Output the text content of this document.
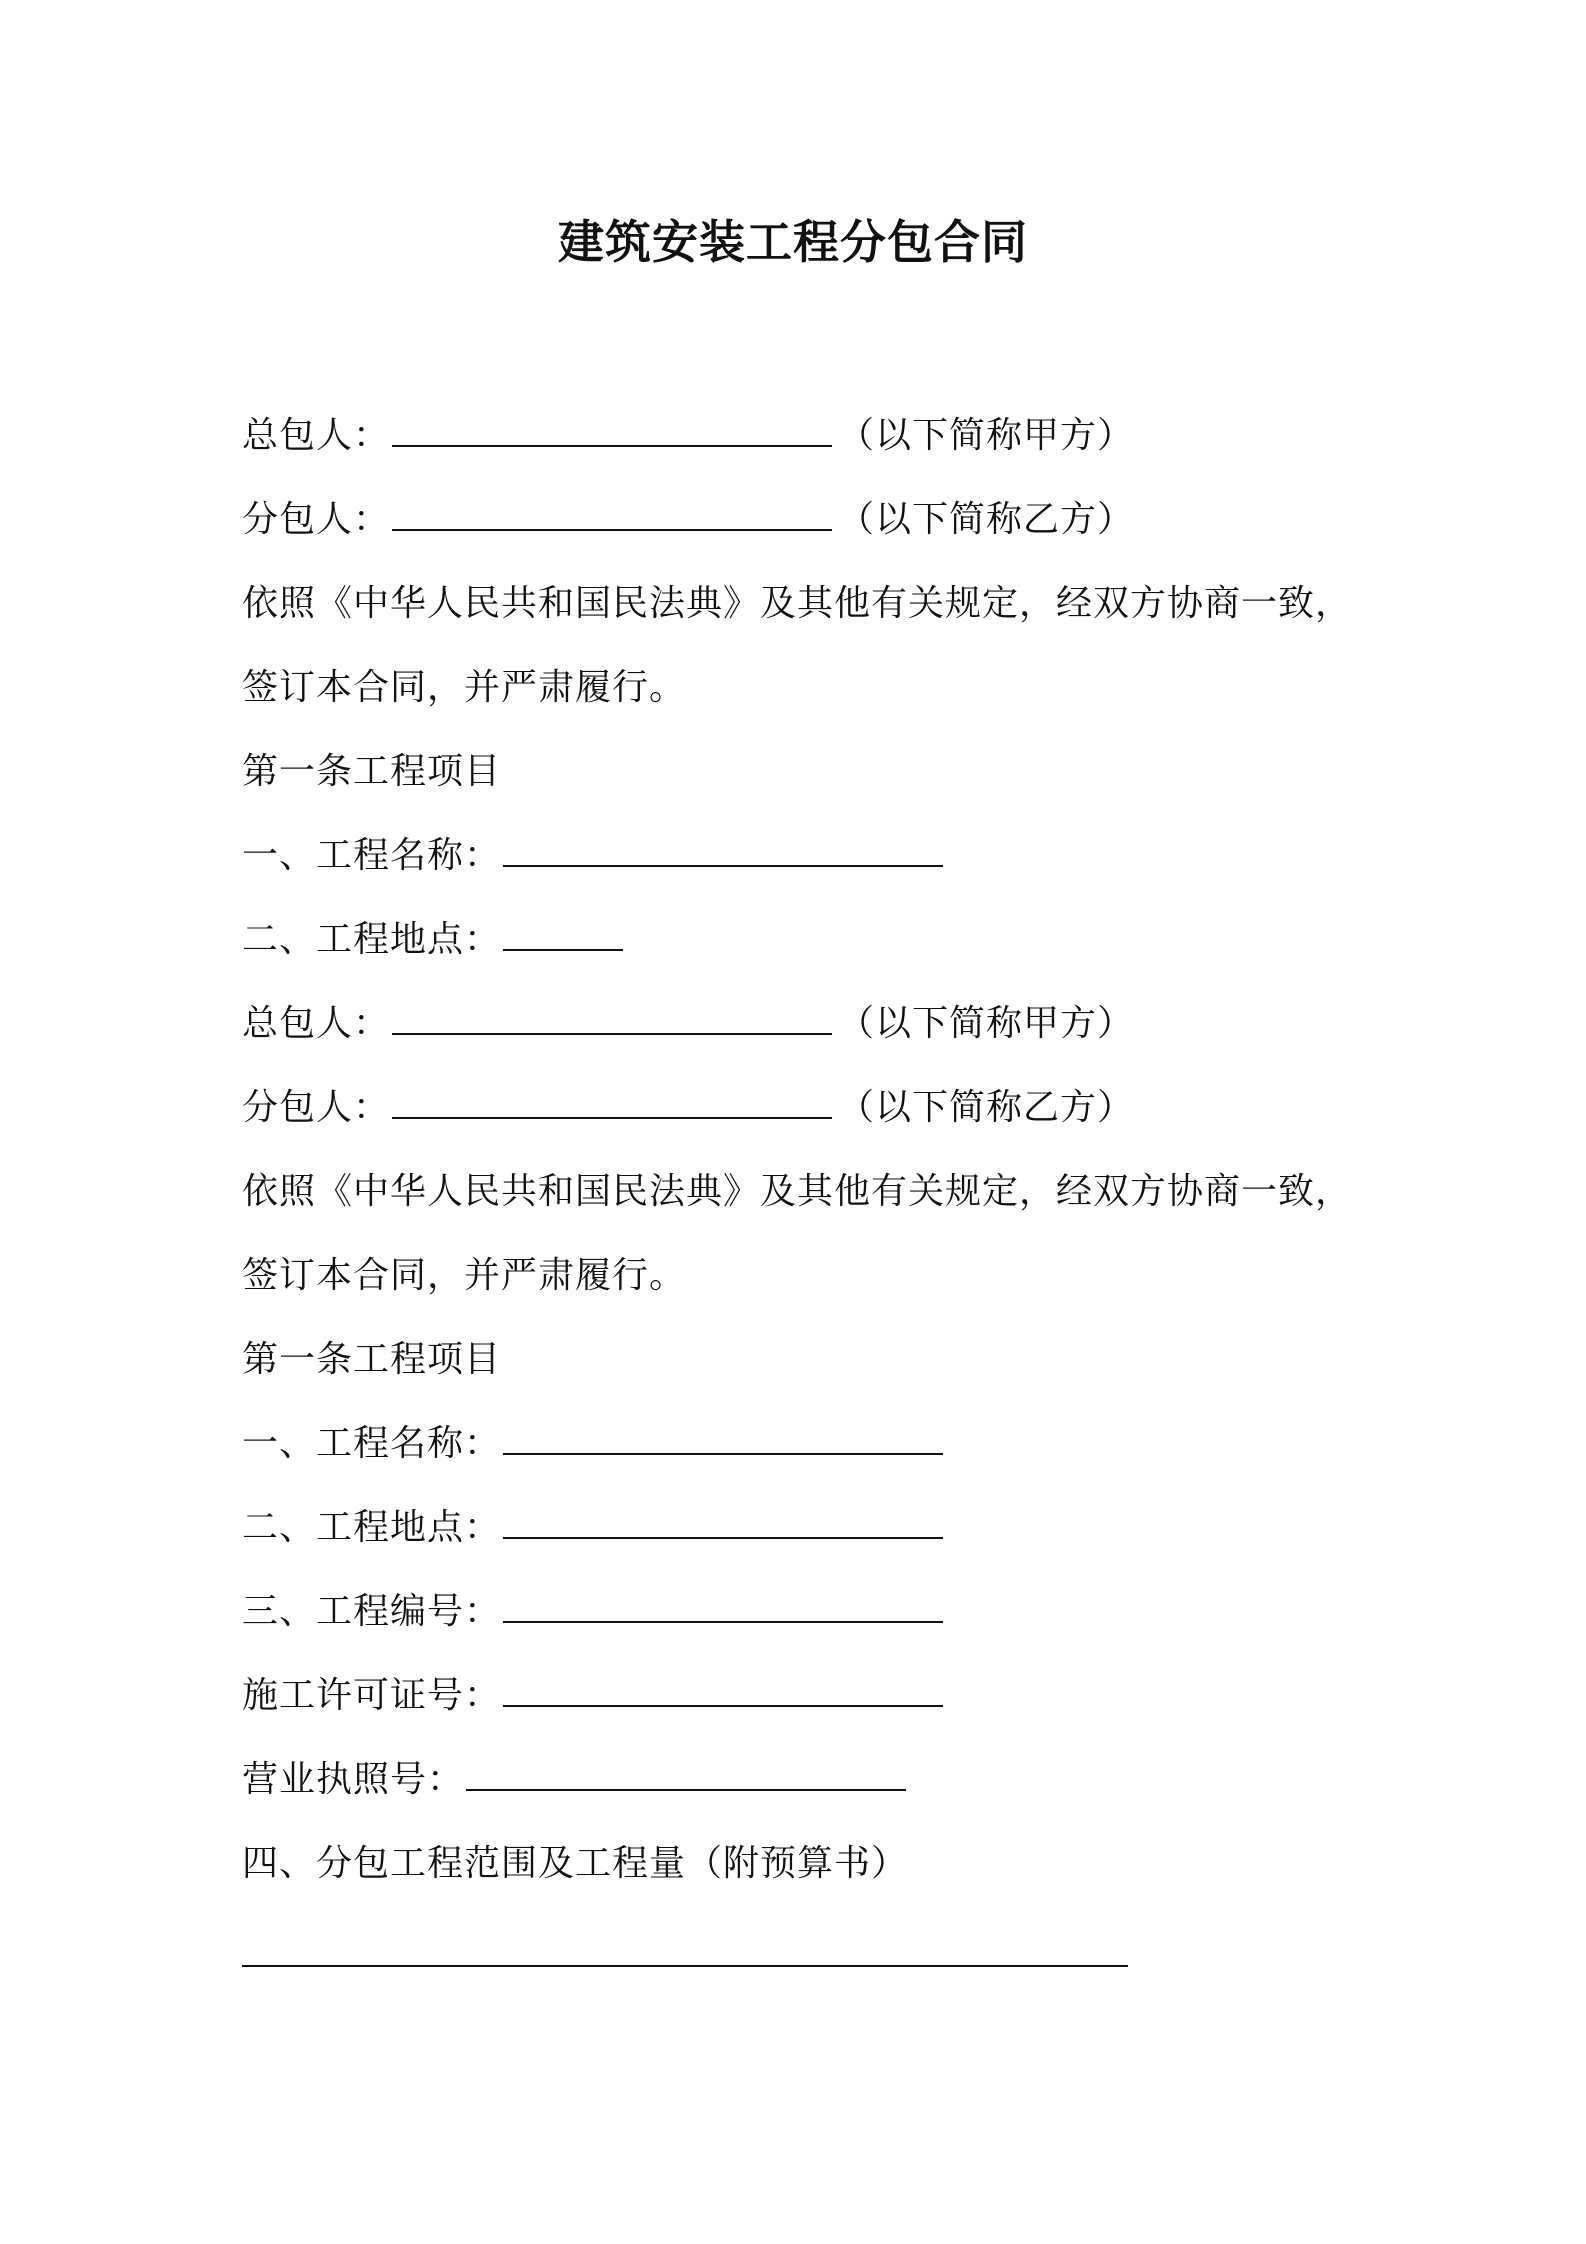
建筑安装工程分包合同
总包人：	（以下简称甲方）
分包人：	（以下简称乙方）
依照《中华人民共和国民法典》及其他有关规定，经双方协商一致，
签订本合同，并严肃履行。
第一条工程项目
一、工程名称：
二、工程地点：
总包人：	（以下简称甲方）
分包人：	（以下简称乙方）
依照《中华人民共和国民法典》及其他有关规定，经双方协商一致，
签订本合同，并严肃履行。
第一条工程项目
一、工程名称：
二、工程地点：
三、工程编号：
施工许可证号：
营业执照号：
四、分包工程范围及工程量（附预算书）
